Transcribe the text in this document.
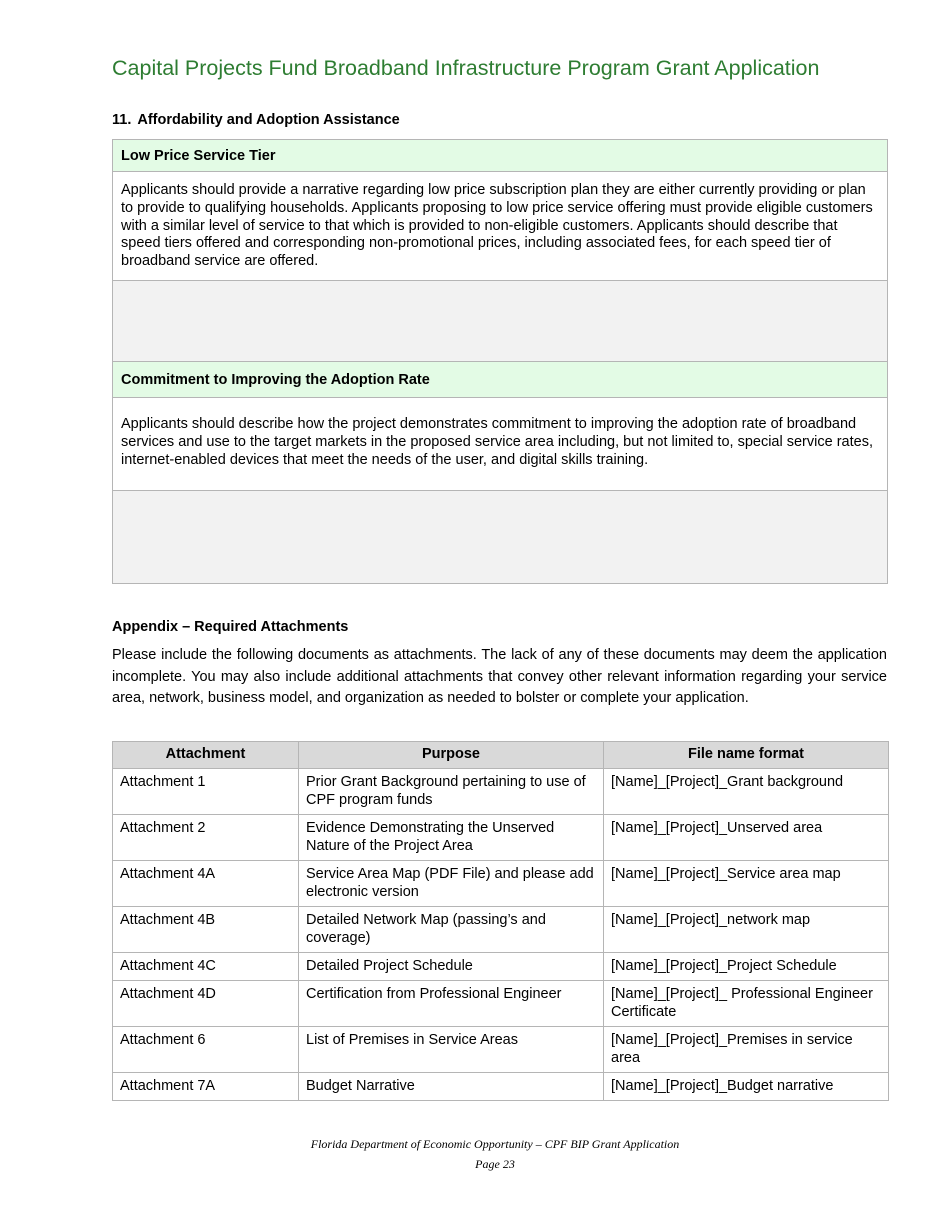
Capital Projects Fund Broadband Infrastructure Program Grant Application
11. Affordability and Adoption Assistance
Low Price Service Tier
Applicants should provide a narrative regarding low price subscription plan they are either currently providing or plan to provide to qualifying households. Applicants proposing to low price service offering must provide eligible customers with a similar level of service to that which is provided to non-eligible customers. Applicants should describe that speed tiers offered and corresponding non-promotional prices, including associated fees, for each speed tier of broadband service are offered.

Commitment to Improving the Adoption Rate
Applicants should describe how the project demonstrates commitment to improving the adoption rate of broadband services and use to the target markets in the proposed service area including, but not limited to, special service rates, internet-enabled devices that meet the needs of the user, and digital skills training.

Appendix – Required Attachments

Please include the following documents as attachments. The lack of any of these documents may deem the application incomplete. You may also include additional attachments that convey other relevant information regarding your service area, network, business model, and organization as needed to bolster or complete your application.

Attachment	Purpose	File name format
Attachment 1	Prior Grant Background pertaining to use of CPF program funds	[Name]_[Project]_Grant background
Attachment 2	Evidence Demonstrating the Unserved Nature of the Project Area	[Name]_[Project]_Unserved area
Attachment 4A	Service Area Map (PDF File) and please add electronic version	[Name]_[Project]_Service area map
Attachment 4B	Detailed Network Map (passing’s and coverage)	[Name]_[Project]_network map
Attachment 4C	Detailed Project Schedule	[Name]_[Project]_Project Schedule
Attachment 4D	Certification from Professional Engineer	[Name]_[Project]_ Professional Engineer Certificate
Attachment 6	List of Premises in Service Areas	[Name]_[Project]_Premises in service area
Attachment 7A	Budget Narrative	[Name]_[Project]_Budget narrative
Florida Department of Economic Opportunity – CPF BIP Grant Application
Page 23
